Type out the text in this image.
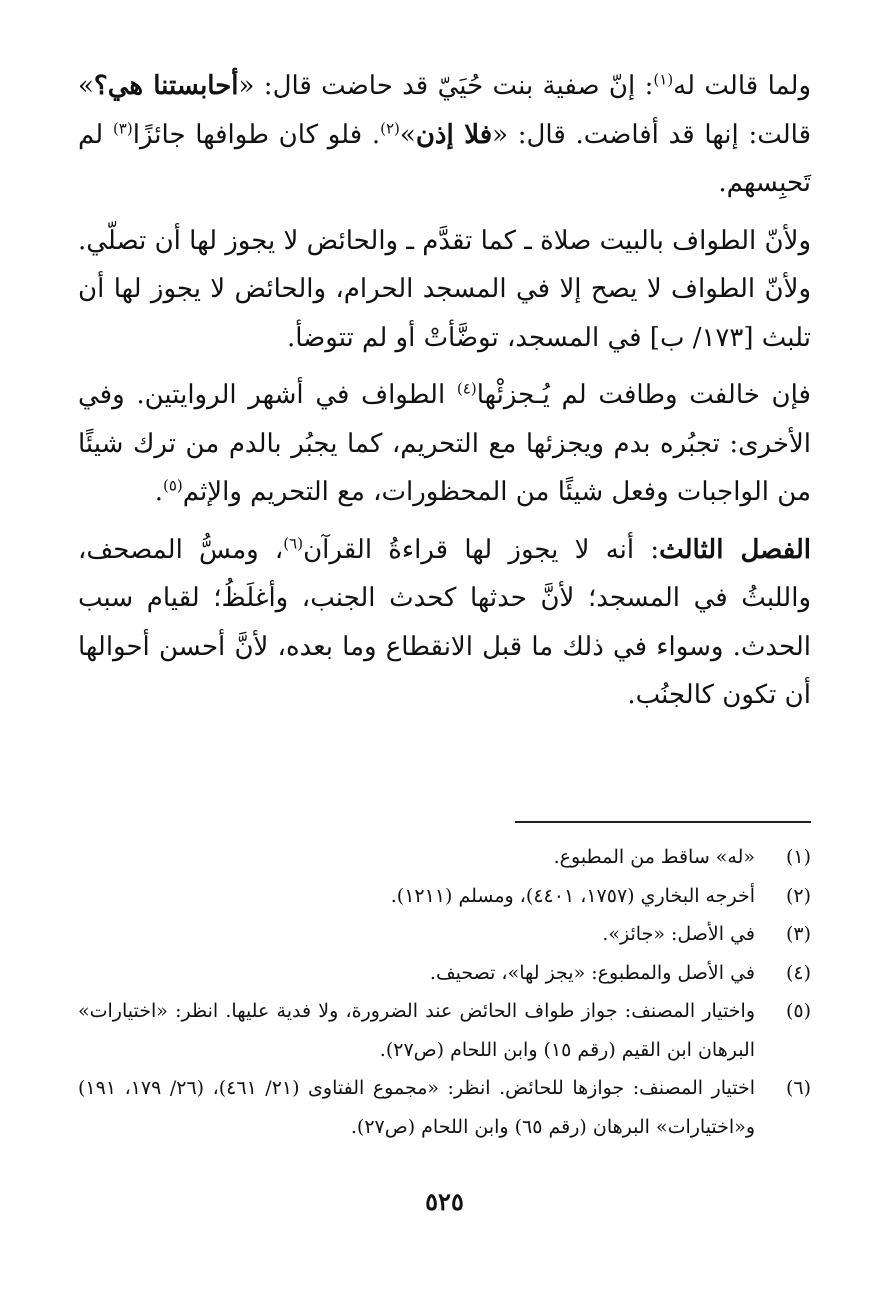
ولما قالت له$^{(١)}$: إنّ صفية بنت حُيَيّ قد حاضت قال: «أحابستنا هي؟» قالت: إنها قد أفاضت. قال: «فلا إذن»$^{(٢)}$. فلو كان طوافها جائزًا$^{(٣)}$ لم تَحبِسهم.

ولأنّ الطواف بالبيت صلاة ـ كما تقدَّم ـ والحائض لا يجوز لها أن تصلّي. ولأنّ الطواف لا يصح إلا في المسجد الحرام، والحائض لا يجوز لها أن تلبث [١٧٣/ ب] في المسجد، توضَّأتْ أو لم تتوضأ.

فإن خالفت وطافت لم يُـجزئْها$^{(٤)}$ الطواف في أشهر الروايتين. وفي الأخرى: تجبُره بدم ويجزئها مع التحريم، كما يجبُر بالدم من ترك شيئًا من الواجبات وفعل شيئًا من المحظورات، مع التحريم والإثم$^{(٥)}$.

الفصل الثالث: أنه لا يجوز لها قراءةُ القرآن$^{(٦)}$، ومسُّ المصحف، واللبثُ في المسجد؛ لأنَّ حدثها كحدث الجنب، وأغلَظُ؛ لقيام سبب الحدث. وسواء في ذلك ما قبل الانقطاع وما بعده، لأنَّ أحسن أحوالها أن تكون كالجنُب.

(١)
«له» ساقط من المطبوع.
(٢)
أخرجه البخاري (١٧٥٧، ٤٤٠١)، ومسلم (١٢١١).
(٣)
في الأصل: «جائز».
(٤)
في الأصل والمطبوع: «يجز لها»، تصحيف.
(٥)
واختيار المصنف: جواز طواف الحائض عند الضرورة، ولا فدية عليها. انظر: «اختيارات» البرهان ابن القيم (رقم ١٥) وابن اللحام (ص٢٧).
(٦)
اختيار المصنف: جوازها للحائض. انظر: «مجموع الفتاوى (٢١/ ٤٦١)، (٢٦/ ١٧٩، ١٩١) و«اختيارات» البرهان (رقم ٦٥) وابن اللحام (ص٢٧).
٥٢٥
